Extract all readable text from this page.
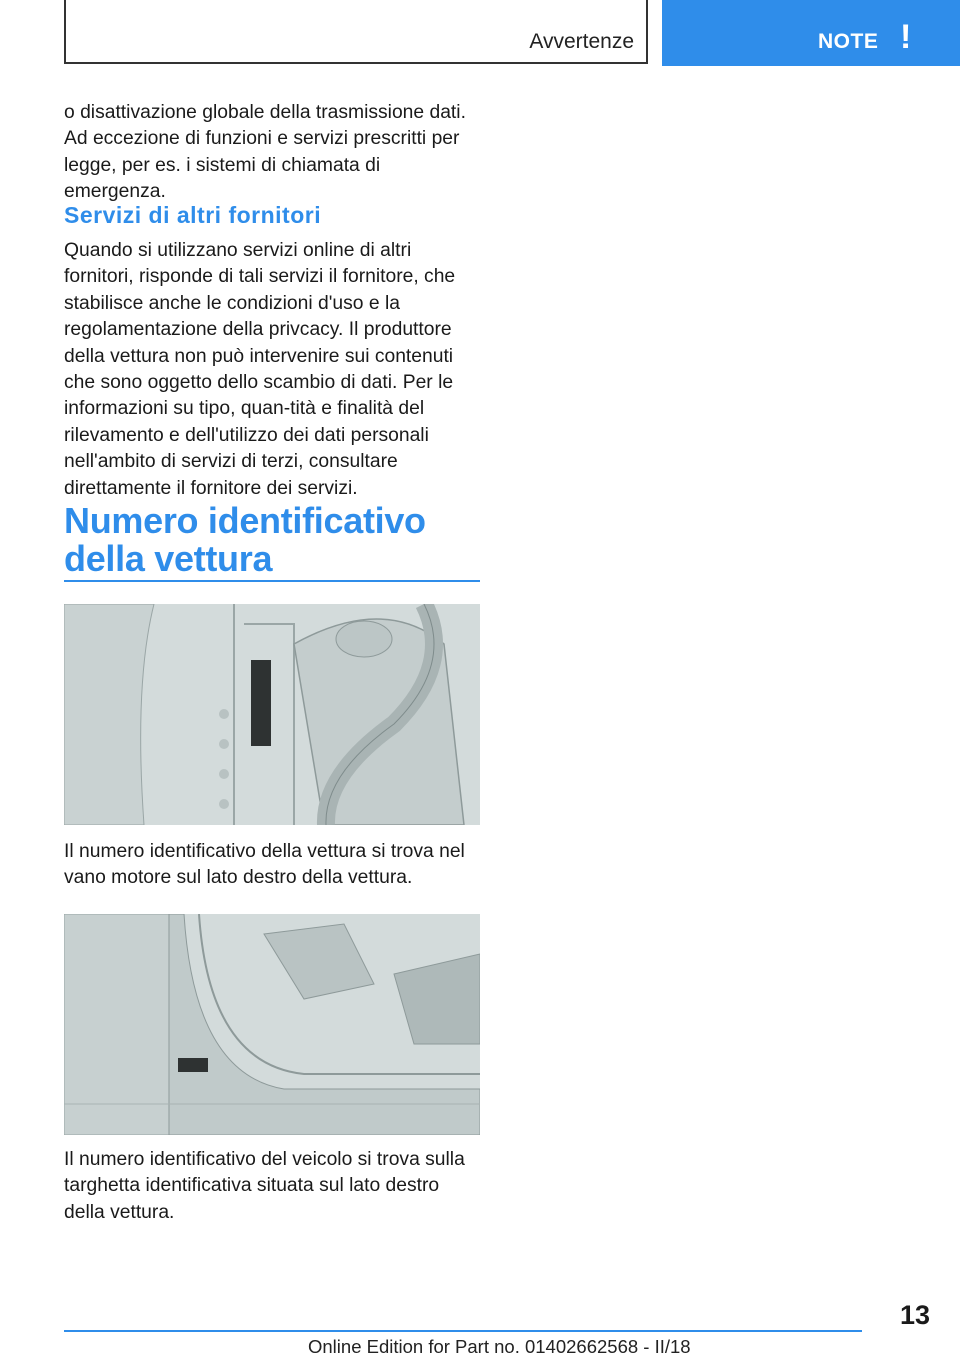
Avvertenze	NOTE !

o disattivazione globale della trasmissione dati. Ad eccezione di funzioni e servizi prescritti per legge, per es. i sistemi di chiamata di emergenza.

Servizi di altri fornitori

Quando si utilizzano servizi online di altri fornitori, risponde di tali servizi il fornitore, che stabilisce anche le condizioni d'uso e la regolamentazione della privcacy. Il produttore della vettura non può intervenire sui contenuti che sono oggetto dello scambio di dati. Per le informazioni su tipo, quan‐tità e finalità del rilevamento e dell'utilizzo dei dati personali nell'ambito di servizi di terzi, consultare direttamente il fornitore dei servizi.

Numero identificativo della vettura

Il numero identificativo della vettura si trova nel vano motore sul lato destro della vettura.

Il numero identificativo del veicolo si trova sulla targhetta identificativa situata sul lato destro della vettura.

13
Online Edition for Part no. 01402662568 - II/18
